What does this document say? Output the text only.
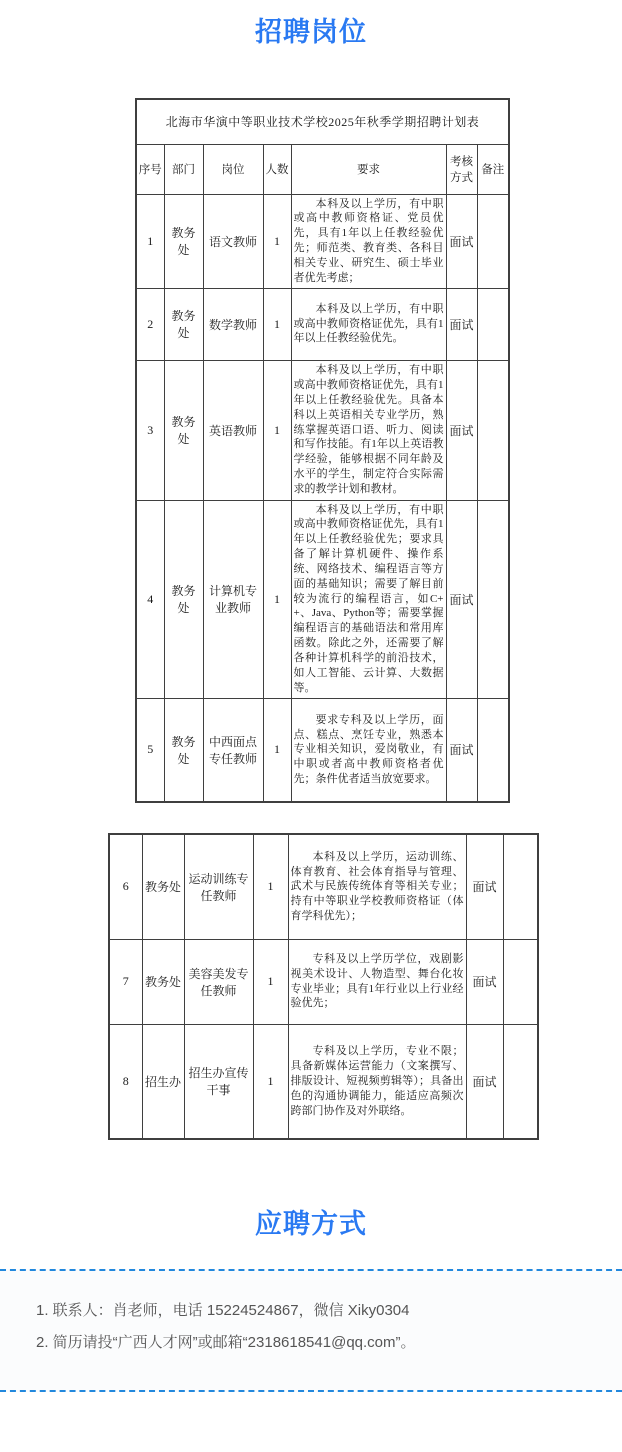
招聘岗位
北海市华演中等职业技术学校2025年秋季学期招聘计划表						
序号	部门	岗位	人数	要求	考核方式	备注
1	教务处	语文教师	1	本科及以上学历，有中职或高中教师资格证、党员优先，具有1年以上任教经验优先；师范类、教育类、各科目相关专业、研究生、硕士毕业者优先考虑；	面试	
2	教务处	数学教师	1	本科及以上学历，有中职或高中教师资格证优先，具有1年以上任教经验优先。	面试	
3	教务处	英语教师	1	本科及以上学历，有中职或高中教师资格证优先，具有1年以上任教经验优先。具备本科以上英语相关专业学历，熟练掌握英语口语、听力、阅读和写作技能。有1年以上英语教学经验，能够根据不同年龄及水平的学生，制定符合实际需求的教学计划和教材。	面试	
4	教务处	计算机专业教师	1	本科及以上学历，有中职或高中教师资格证优先，具有1年以上任教经验优先；要求具备了解计算机硬件、操作系统、网络技术、编程语言等方面的基础知识；需要了解目前较为流行的编程语言，如C++、Java、Python等；需要掌握编程语言的基础语法和常用库函数。除此之外，还需要了解各种计算机科学的前沿技术，如人工智能、云计算、大数据等。	面试	
5	教务处	中西面点专任教师	1	要求专科及以上学历，面点、糕点、烹饪专业，熟悉本专业相关知识，爱岗敬业，有中职或者高中教师资格者优先；条件优者适当放宽要求。	面试	
6	教务处	运动训练专任教师	1	本科及以上学历，运动训练、体育教育、社会体育指导与管理、武术与民族传统体育等相关专业；持有中等职业学校教师资格证（体育学科优先）；	面试	
7	教务处	美容美发专任教师	1	专科及以上学历学位，戏剧影视美术设计、人物造型、舞台化妆专业毕业；具有1年行业以上行业经验优先；	面试	
8	招生办	招生办宣传干事	1	专科及以上学历，专业不限；具备新媒体运营能力（文案撰写、排版设计、短视频剪辑等）；具备出色的沟通协调能力，能适应高频次跨部门协作及对外联络。	面试	
应聘方式

1. 联系人：肖老师，电话 15224524867，微信 Xiky0304

2. 简历请投“广西人才网”或邮箱“2318618541@qq.com”。
